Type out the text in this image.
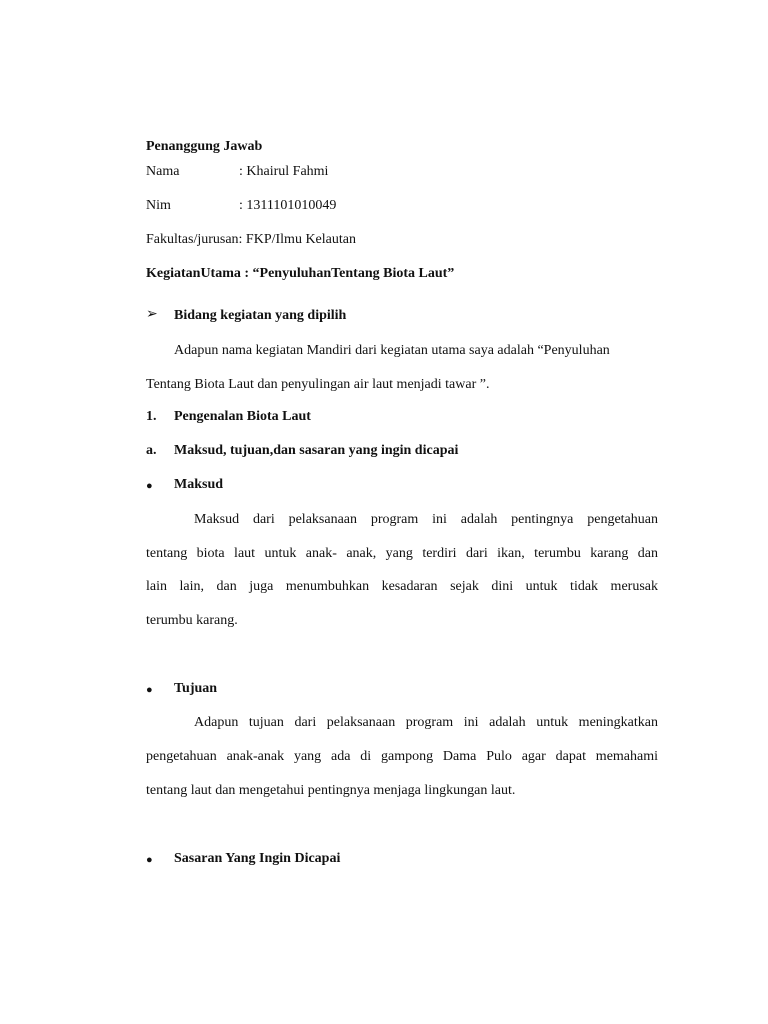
Penanggung Jawab
Nama	: Khairul Fahmi
Nim	: 1311101010049
Fakultas/jurusan: FKP/Ilmu Kelautan
KegiatanUtama : “PenyuluhanTentang Biota Laut”
➢ Bidang kegiatan yang dipilih
Adapun nama kegiatan Mandiri dari kegiatan utama saya adalah “Penyuluhan
Tentang Biota Laut dan penyulingan air laut menjadi tawar ”.
1. Pengenalan Biota Laut
a. Maksud, tujuan,dan sasaran yang ingin dicapai
● Maksud
Maksud dari pelaksanaan program ini adalah pentingnya pengetahuan
tentang biota laut untuk anak- anak, yang terdiri dari ikan, terumbu karang dan
lain lain, dan juga menumbuhkan kesadaran sejak dini untuk tidak merusak
terumbu karang.
● Tujuan
Adapun tujuan dari pelaksanaan program ini adalah untuk meningkatkan
pengetahuan anak-anak yang ada di gampong Dama Pulo agar dapat memahami
tentang laut dan mengetahui pentingnya menjaga lingkungan laut.
● Sasaran Yang Ingin Dicapai
